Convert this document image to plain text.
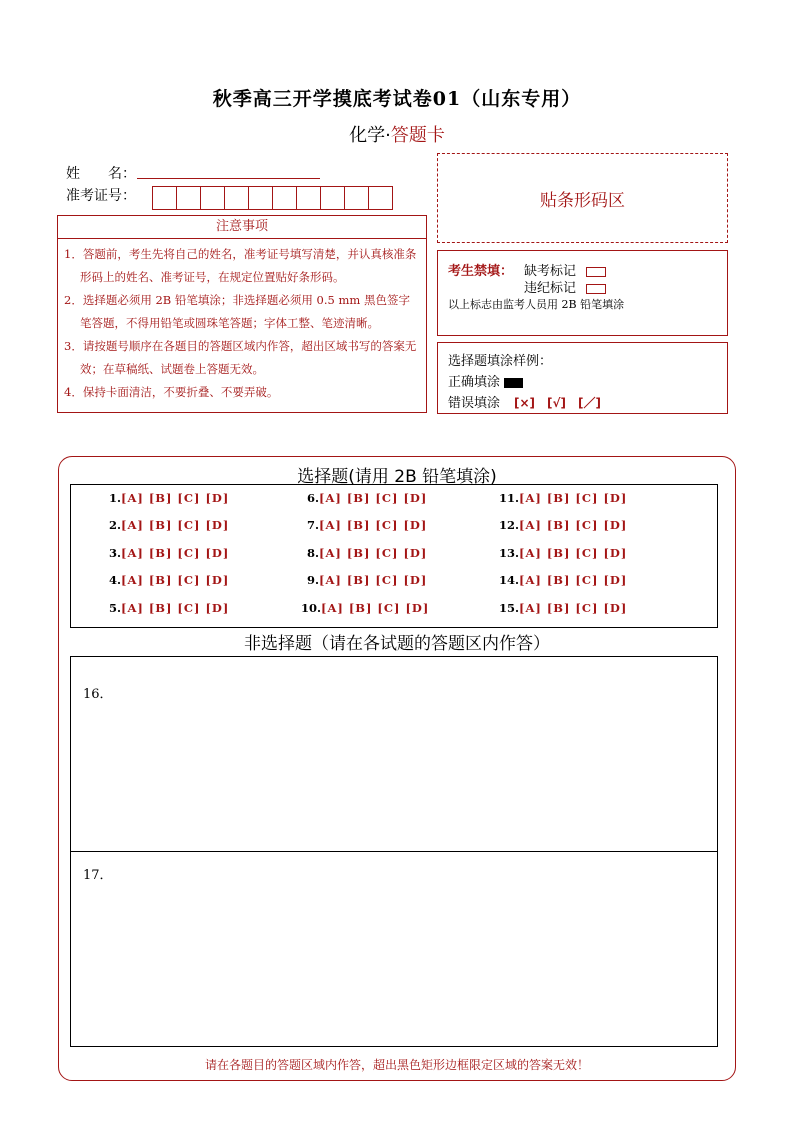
秋季高三开学摸底考试卷01（山东专用）
化学·答题卡
姓　　名：
准考证号：	贴条形码区
注意事项
1．答题前，考生先将自己的姓名，准考证号填写清楚，并认真核准条形码上的姓名、准考证号，在规定位置贴好条形码。
2．选择题必须用 2B 铅笔填涂；非选择题必须用 0.5 mm 黑色签字笔答题，不得用铅笔或圆珠笔答题；字体工整、笔迹清晰。
3．请按题号顺序在各题目的答题区域内作答，超出区域书写的答案无效；在草稿纸、试题卷上答题无效。
4．保持卡面清洁，不要折叠、不要弄破。
考生禁填： 缺考标记
违纪标记
以上标志由监考人员用 2B 铅笔填涂
选择题填涂样例：
正确填涂
错误填涂 [×]　[√]　[／]
选择题(请用 2B 铅笔填涂)
1.[A] [B] [C] [D]
2.[A] [B] [C] [D]
3.[A] [B] [C] [D]
4.[A] [B] [C] [D]
5.[A] [B] [C] [D]
6.[A] [B] [C] [D]
7.[A] [B] [C] [D]
8.[A] [B] [C] [D]
9.[A] [B] [C] [D]
10.[A] [B] [C] [D]
11.[A] [B] [C] [D]
12.[A] [B] [C] [D]
13.[A] [B] [C] [D]
14.[A] [B] [C] [D]
15.[A] [B] [C] [D]
非选择题（请在各试题的答题区内作答）
16．
17．
请在各题目的答题区域内作答，超出黑色矩形边框限定区域的答案无效！
